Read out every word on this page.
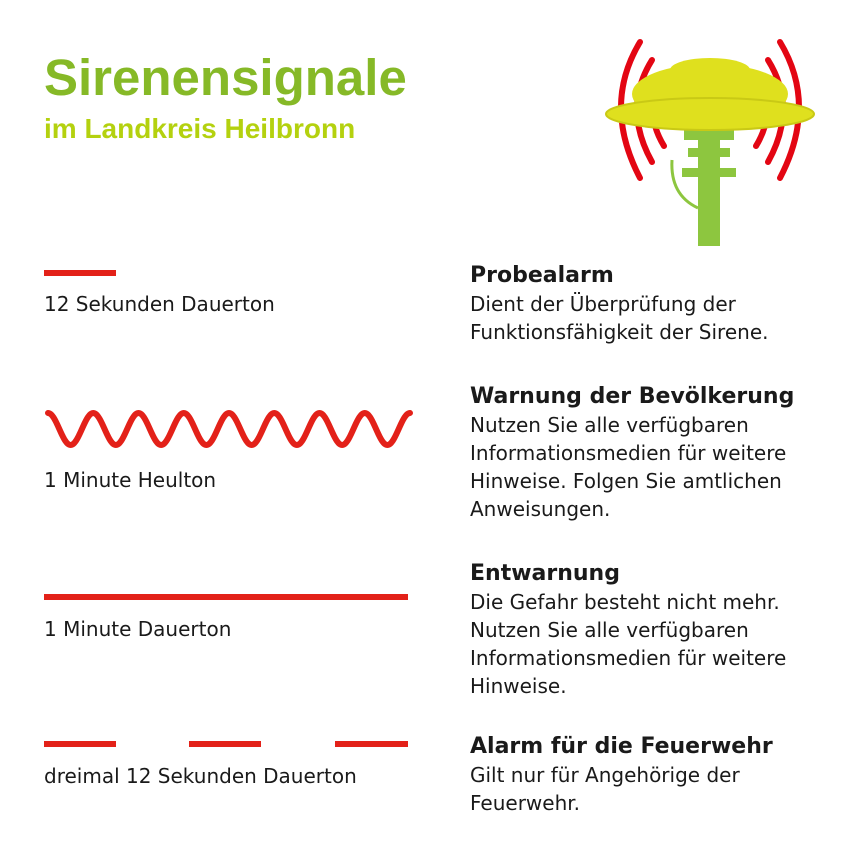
Sirenensignale
im Landkreis Heilbronn
12 Sekunden Dauerton
Probealarm
Dient der Überprüfung der
Funktionsfähigkeit der Sirene.
1 Minute Heulton
Warnung der Bevölkerung
Nutzen Sie alle verfügbaren
Informationsmedien für weitere
Hinweise. Folgen Sie amtlichen
Anweisungen.
1 Minute Dauerton
Entwarnung
Die Gefahr besteht nicht mehr.
Nutzen Sie alle verfügbaren
Informationsmedien für weitere
Hinweise.
dreimal 12 Sekunden Dauerton
Alarm für die Feuerwehr
Gilt nur für Angehörige der
Feuerwehr.
